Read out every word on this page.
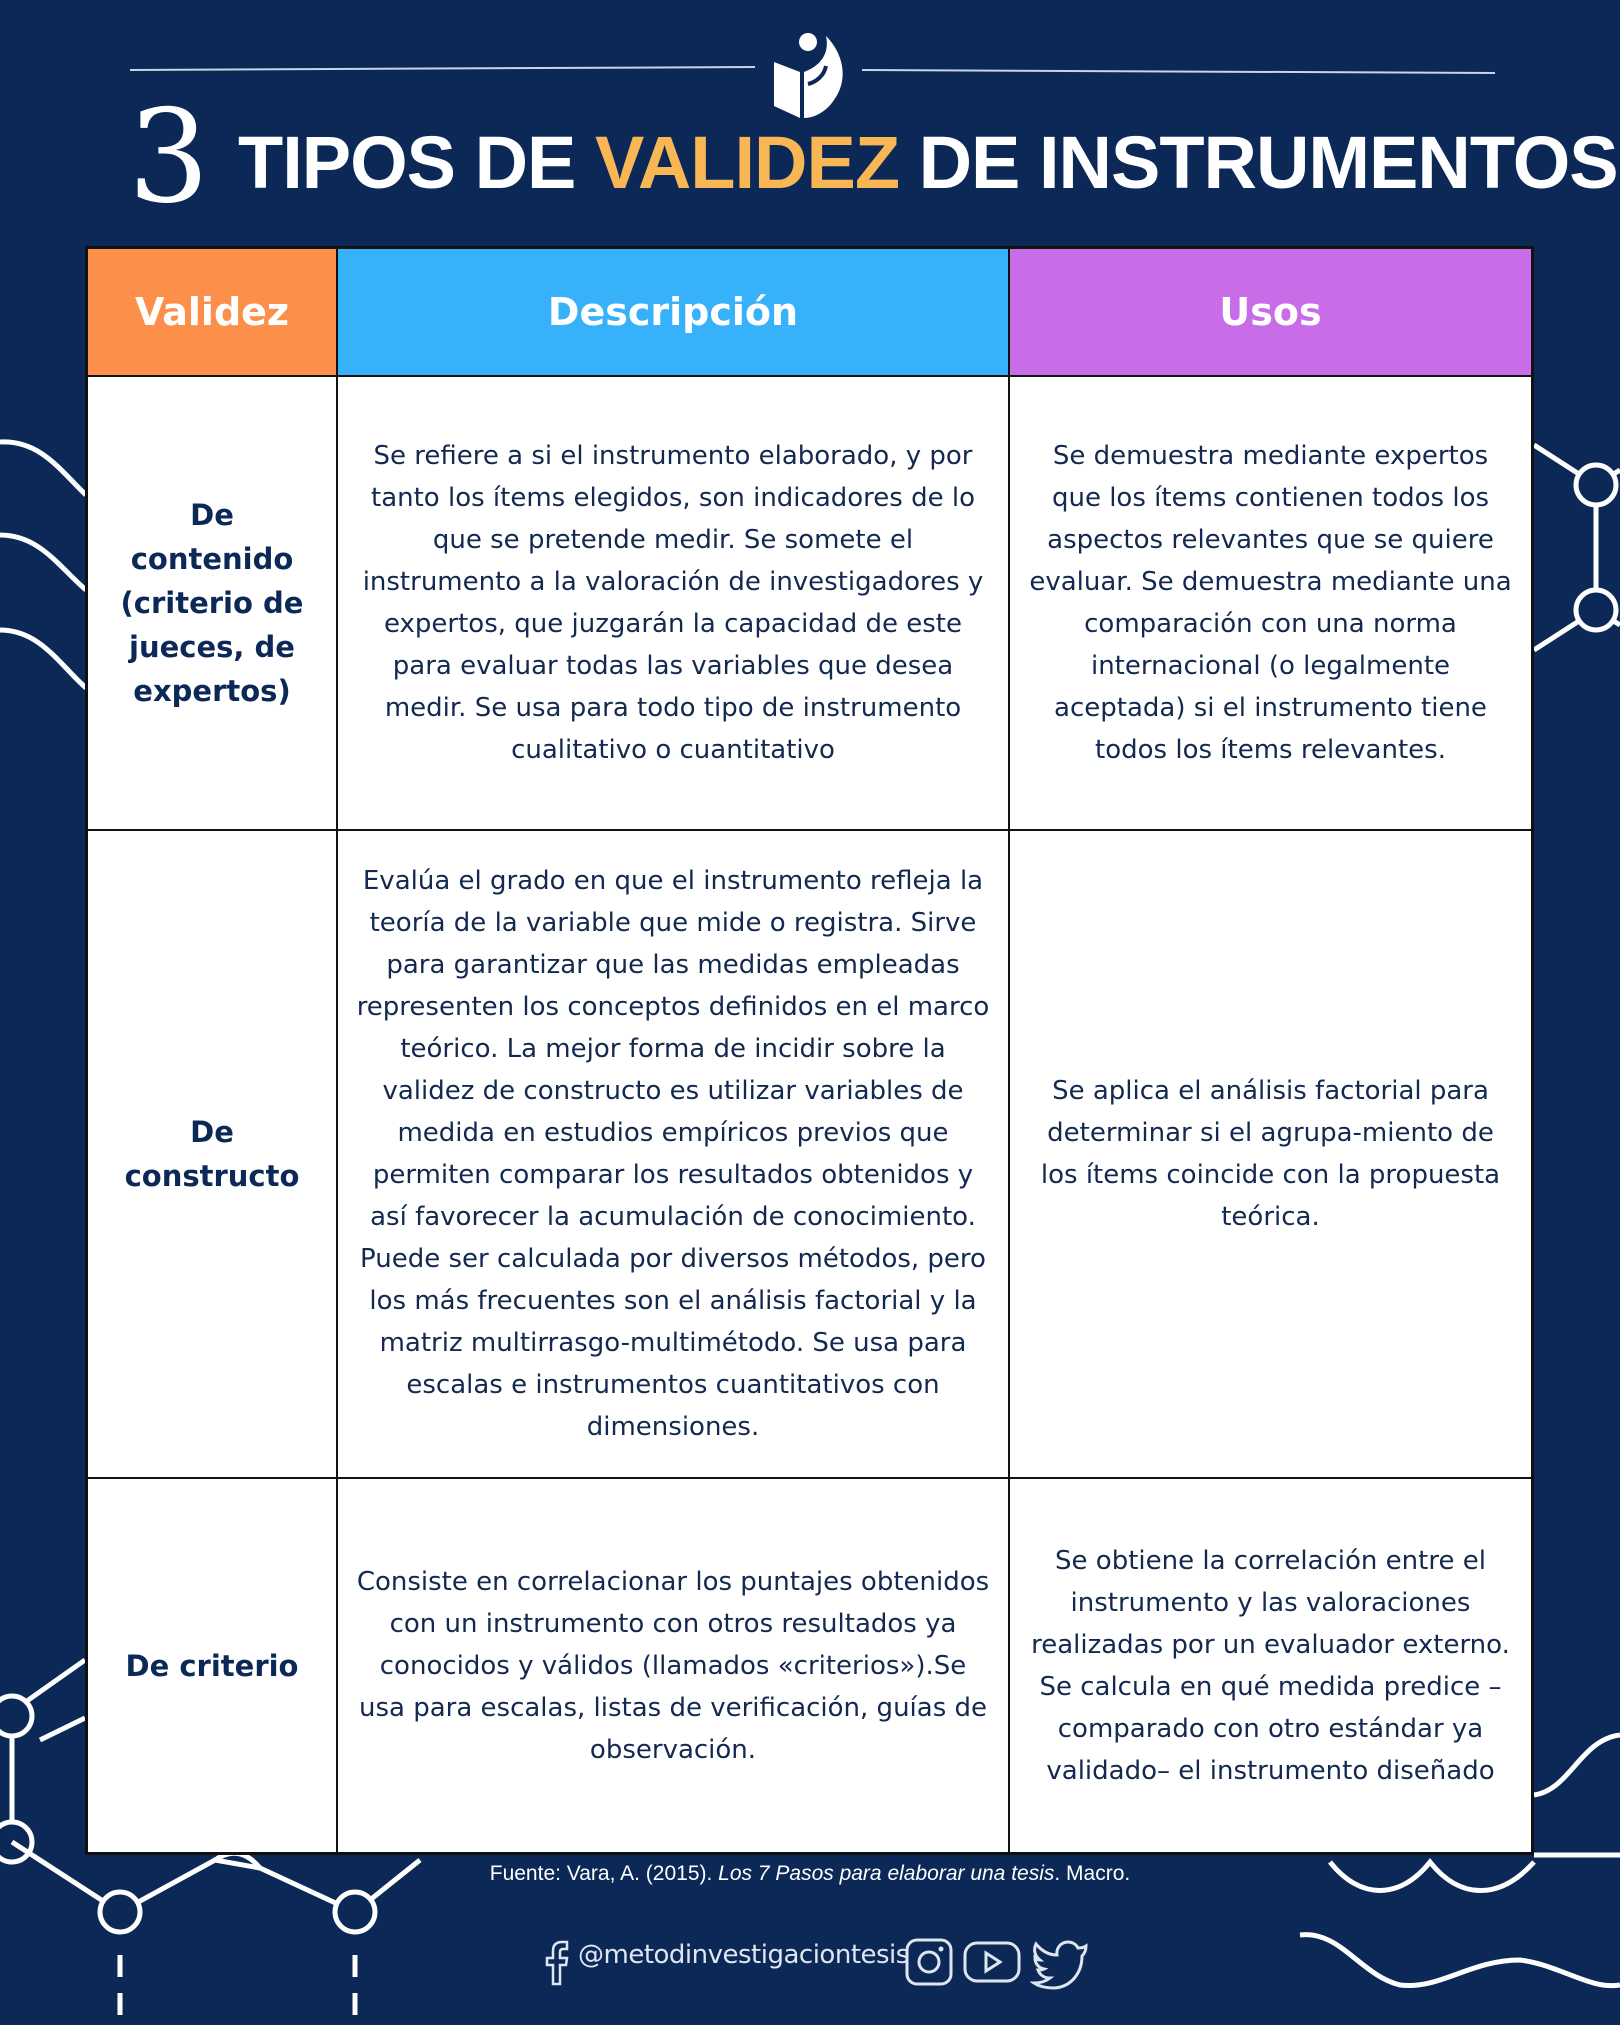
3 TIPOS DE VALIDEZ DE INSTRUMENTOS
Validez	Descripción	Usos
De contenido (criterio de jueces, de expertos)
Se refiere a si el instrumento elaborado, y por tanto los ítems elegidos, son indicadores de lo que se pretende medir. Se somete el instrumento a la valoración de investigadores y expertos, que juzgarán la capacidad de este para evaluar todas las variables que desea medir. Se usa para todo tipo de instrumento cualitativo o cuantitativo
Se demuestra mediante expertos que los ítems contienen todos los aspectos relevantes que se quiere evaluar. Se demuestra mediante una comparación con una norma internacional (o legalmente aceptada) si el instrumento tiene todos los ítems relevantes.
De constructo
Evalúa el grado en que el instrumento refleja la teoría de la variable que mide o registra. Sirve para garantizar que las medidas empleadas representen los conceptos definidos en el marco teórico. La mejor forma de incidir sobre la validez de constructo es utilizar variables de medida en estudios empíricos previos que permiten comparar los resultados obtenidos y así favorecer la acumulación de conocimiento. Puede ser calculada por diversos métodos, pero los más frecuentes son el análisis factorial y la matriz multirrasgo-multimétodo. Se usa para escalas e instrumentos cuantitativos con dimensiones.
Se aplica el análisis factorial para determinar si el agrupa-miento de los ítems coincide con la propuesta teórica.
De criterio
Consiste en correlacionar los puntajes obtenidos con un instrumento con otros resultados ya conocidos y válidos (llamados «criterios»).Se usa para escalas, listas de verificación, guías de observación.
Se obtiene la correlación entre el instrumento y las valoraciones realizadas por un evaluador externo. Se calcula en qué medida predice –comparado con otro estándar ya validado– el instrumento diseñado
Fuente: Vara, A. (2015). Los 7 Pasos para elaborar una tesis. Macro.
@metodinvestigaciontesis
